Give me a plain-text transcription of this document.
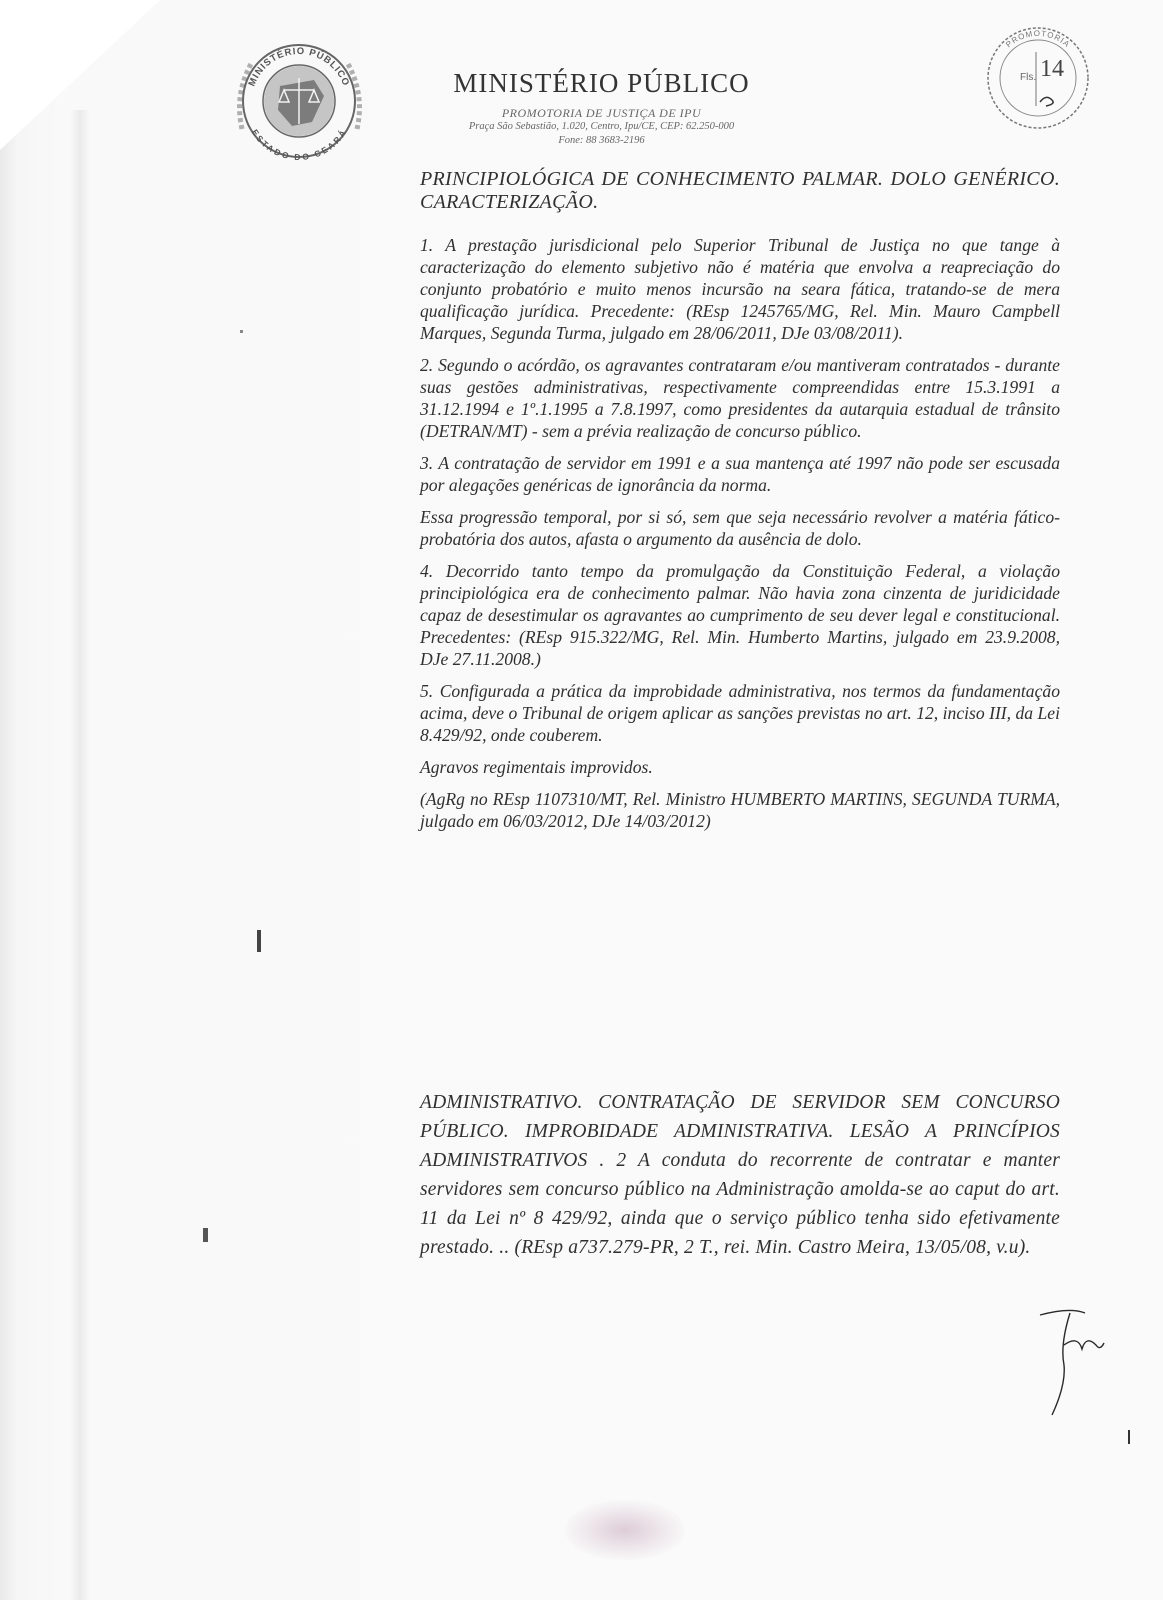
MINISTÉRIO PÚBLICO
ESTADO DO CEARÁ
MINISTÉRIO PÚBLICO
PROMOTORIA DE JUSTIÇA DE IPU
Praça São Sebastião, 1.020, Centro, Ipu/CE, CEP: 62.250-000
Fone: 88 3683-2196
PROMOTORIA
Fls. 14

PRINCIPIOLÓGICA DE CONHECIMENTO PALMAR. DOLO GENÉRICO. CARACTERIZAÇÃO.

1. A prestação jurisdicional pelo Superior Tribunal de Justiça no que tange à caracterização do elemento subjetivo não é matéria que envolva a reapreciação do conjunto probatório e muito menos incursão na seara fática, tratando-se de mera qualificação jurídica. Precedente: (REsp 1245765/MG, Rel. Min. Mauro Campbell Marques, Segunda Turma, julgado em 28/06/2011, DJe 03/08/2011).

2. Segundo o acórdão, os agravantes contrataram e/ou mantiveram contratados - durante suas gestões administrativas, respectivamente compreendidas entre 15.3.1991 a 31.12.1994 e 1º.1.1995 a 7.8.1997, como presidentes da autarquia estadual de trânsito (DETRAN/MT) - sem a prévia realização de concurso público.

3. A contratação de servidor em 1991 e a sua mantença até 1997 não pode ser escusada por alegações genéricas de ignorância da norma.

Essa progressão temporal, por si só, sem que seja necessário revolver a matéria fático-probatória dos autos, afasta o argumento da ausência de dolo.

4. Decorrido tanto tempo da promulgação da Constituição Federal, a violação principiológica era de conhecimento palmar. Não havia zona cinzenta de juridicidade capaz de desestimular os agravantes ao cumprimento de seu dever legal e constitucional. Precedentes: (REsp 915.322/MG, Rel. Min. Humberto Martins, julgado em 23.9.2008, DJe 27.11.2008.)

5. Configurada a prática da improbidade administrativa, nos termos da fundamentação acima, deve o Tribunal de origem aplicar as sanções previstas no art. 12, inciso III, da Lei 8.429/92, onde couberem.

Agravos regimentais improvidos.

(AgRg no REsp 1107310/MT, Rel. Ministro HUMBERTO MARTINS, SEGUNDA TURMA, julgado em 06/03/2012, DJe 14/03/2012)

ADMINISTRATIVO. CONTRATAÇÃO DE SERVIDOR SEM CONCURSO PÚBLICO. IMPROBIDADE ADMINISTRATIVA. LESÃO A PRINCÍPIOS ADMINISTRATIVOS . 2 A conduta do recorrente de contratar e manter servidores sem concurso público na Administração amolda-se ao caput do art. 11 da Lei nº 8 429/92, ainda que o serviço público tenha sido efetivamente prestado. .. (REsp a737.279-PR, 2 T., rei. Min. Castro Meira, 13/05/08, v.u).
